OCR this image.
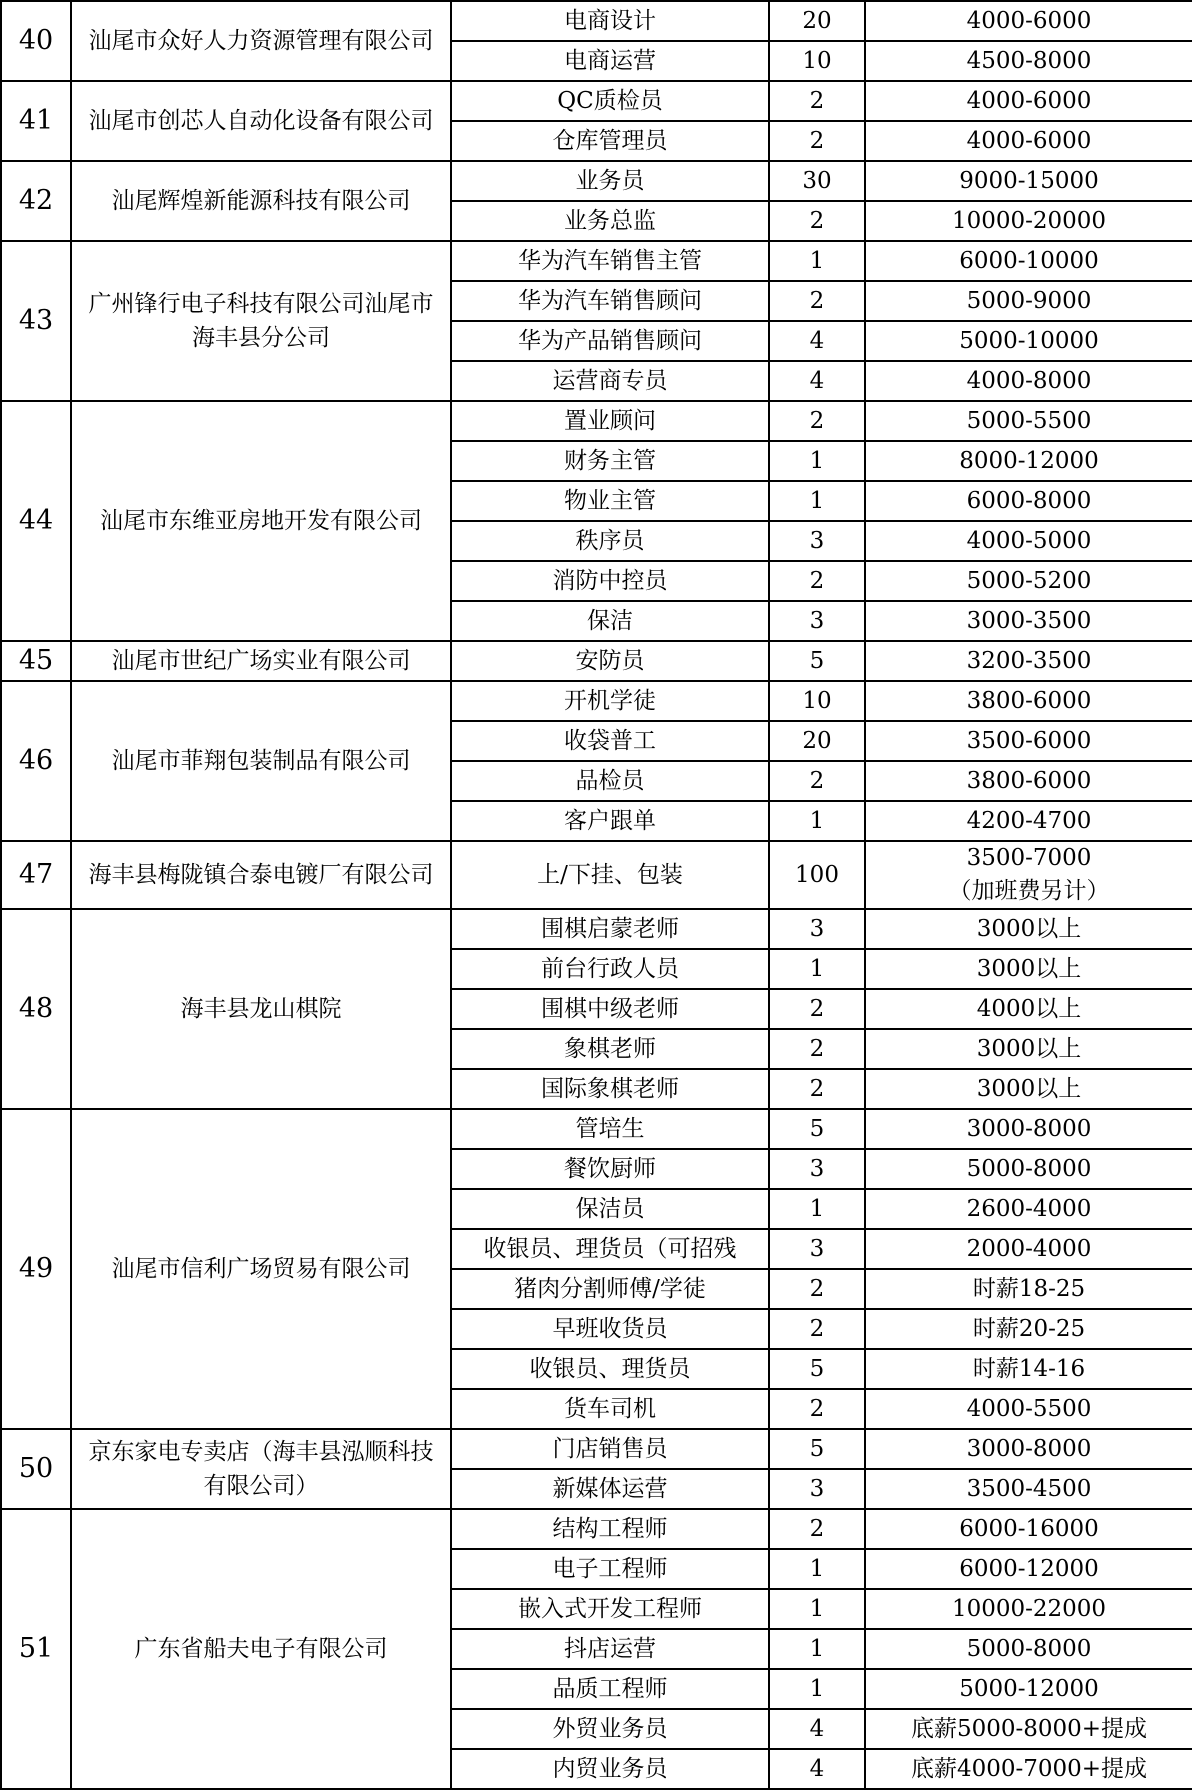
40	汕尾市众好人力资源管理有限公司	电商设计	20	4000-6000
		电商运营	10	4500-8000
41	汕尾市创芯人自动化设备有限公司	QC质检员	2	4000-6000
		仓库管理员	2	4000-6000
42	汕尾辉煌新能源科技有限公司	业务员	30	9000-15000
		业务总监	2	10000-20000
43	广州锋行电子科技有限公司汕尾市海丰县分公司	华为汽车销售主管	1	6000-10000
		华为汽车销售顾问	2	5000-9000
		华为产品销售顾问	4	5000-10000
		运营商专员	4	4000-8000
44	汕尾市东维亚房地开发有限公司	置业顾问	2	5000-5500
		财务主管	1	8000-12000
		物业主管	1	6000-8000
		秩序员	3	4000-5000
		消防中控员	2	5000-5200
		保洁	3	3000-3500
45	汕尾市世纪广场实业有限公司	安防员	5	3200-3500
46	汕尾市菲翔包装制品有限公司	开机学徒	10	3800-6000
		收袋普工	20	3500-6000
		品检员	2	3800-6000
		客户跟单	1	4200-4700
47	海丰县梅陇镇合泰电镀厂有限公司	上/下挂、包装	100	3500-7000
（加班费另计）
48	海丰县龙山棋院	围棋启蒙老师	3	3000以上
		前台行政人员	1	3000以上
		围棋中级老师	2	4000以上
		象棋老师	2	3000以上
		国际象棋老师	2	3000以上
49	汕尾市信利广场贸易有限公司	管培生	5	3000-8000
		餐饮厨师	3	5000-8000
		保洁员	1	2600-4000
		收银员、理货员（可招残	3	2000-4000
		猪肉分割师傅/学徒	2	时薪18-25
		早班收货员	2	时薪20-25
		收银员、理货员	5	时薪14-16
		货车司机	2	4000-5500
50	京东家电专卖店（海丰县泓顺科技有限公司）	门店销售员	5	3000-8000
		新媒体运营	3	3500-4500
51	广东省船夫电子有限公司	结构工程师	2	6000-16000
		电子工程师	1	6000-12000
		嵌入式开发工程师	1	10000-22000
		抖店运营	1	5000-8000
		品质工程师	1	5000-12000
		外贸业务员	4	底薪5000-8000+提成
		内贸业务员	4	底薪4000-7000+提成
